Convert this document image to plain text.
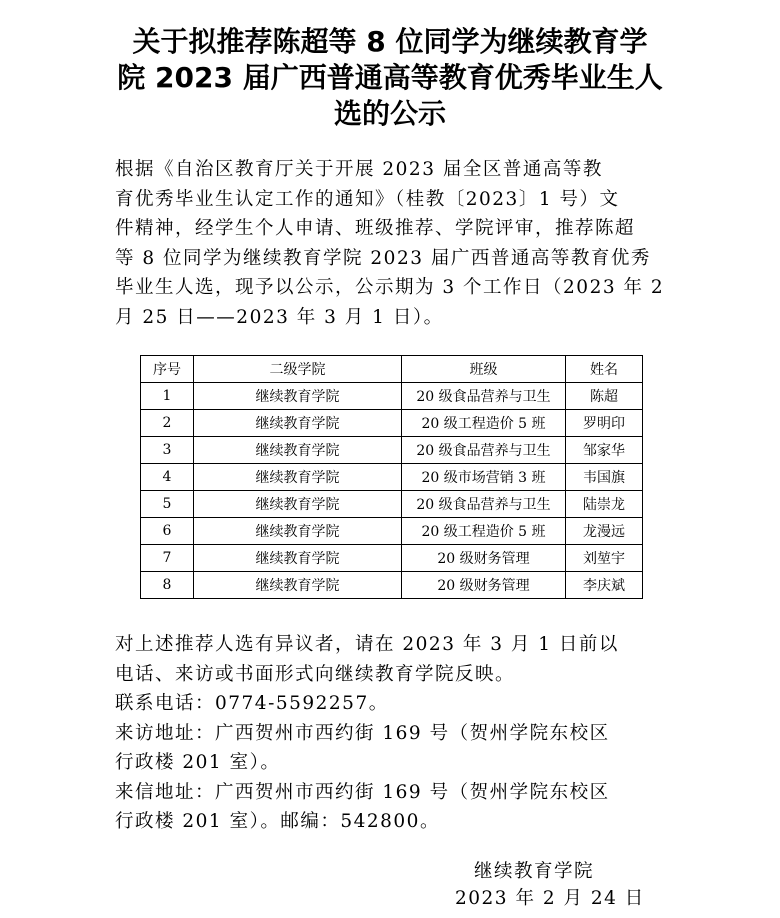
关于拟推荐陈超等 8 位同学为继续教育学
院 2023 届广西普通高等教育优秀毕业生人
选的公示
根据《自治区教育厅关于开展 2023 届全区普通高等教
育优秀毕业生认定工作的通知》（桂教〔2023〕1 号）文
件精神，经学生个人申请、班级推荐、学院评审，推荐陈超
等 8 位同学为继续教育学院 2023 届广西普通高等教育优秀
毕业生人选，现予以公示，公示期为 3 个工作日（2023 年 2
月 25 日——2023 年 3 月 1 日）。
序号	二级学院	班级	姓名
1	继续教育学院	20 级食品营养与卫生	陈超
2	继续教育学院	20 级工程造价 5 班	罗明印
3	继续教育学院	20 级食品营养与卫生	邹家华
4	继续教育学院	20 级市场营销 3 班	韦国旗
5	继续教育学院	20 级食品营养与卫生	陆崇龙
6	继续教育学院	20 级工程造价 5 班	龙漫远
7	继续教育学院	20 级财务管理	刘堃宇
8	继续教育学院	20 级财务管理	李庆斌
对上述推荐人选有异议者，请在 2023 年 3 月 1 日前以
电话、来访或书面形式向继续教育学院反映。
联系电话：0774-5592257。
来访地址：广西贺州市西约街 169 号（贺州学院东校区
行政楼 201 室）。
来信地址：广西贺州市西约街 169 号（贺州学院东校区
行政楼 201 室）。邮编：542800。
继续教育学院
2023 年 2 月 24 日
